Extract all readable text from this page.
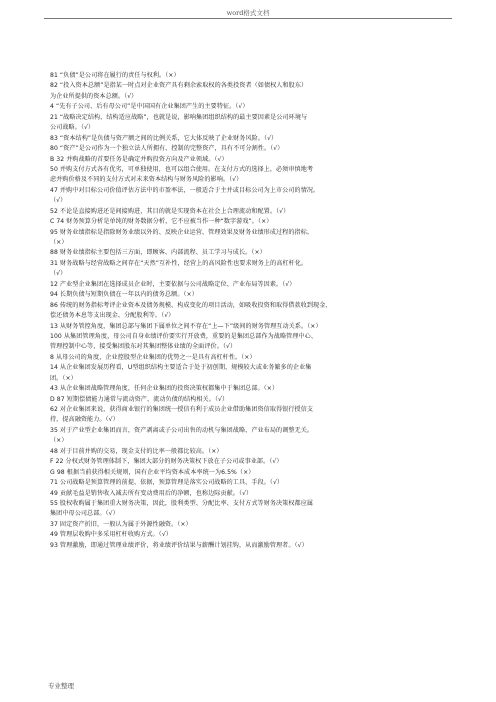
word格式文档
81 “负债”是公司将在履行的责任与权利。（×）
82 “投入资本总额”是指某一时点对企业资产具有剩余索取权的各类投资者（如债权人和股东）
为企业所提供的资本总额。（√）
4 “先有子公司、后有母公司”是中国国有企业集团产生的主要特征。（√）
21 “战略决定结构、结构适应战略”，也就是说，影响集团组织结构的最主要因素是公司环境与
公司战略。（√）
83 “资本结构”是负债与资产额之间的比例关系，它大体反映了企业财务风险。（√）
80 “资产”是公司作为一个独立法人所拥有、控制的完整资产，具有不可分割性。（√）
B 32 并购战略的首要任务是确定并购投资方向及产业领域。（√）
50 并购支付方式各有优劣，可单独使用，也可以组合使用。在支付方式的选择上，必须审慎地考
虑并购价格及不同的支付方式对未来资本结构与财务风险的影响。（√）
47 并购中对目标公司价值评估方法中的市盈率法，一般适合于主并或目标公司为上市公司的情况。
（√）
52 不论是直接购进还是间接购进，其目的就是实现资本在社会上合理流动和配置。（√）
C 74 财务预算分析是单纯的财务数据分析，它不应被当作一种“数字游戏”。（×）
95 财务业绩指标是指除财务业绩以外的、反映企业运营、管理效果及财务业绩形成过程的指标。
（×）
88 财务业绩指标主要包括三方面，即顾客、内部流程、员工学习与成长。（×）
31 财务战略与经营战略之间存在“天然”互补性，经营上的高风险性也要求财务上的高杠杆化。
（√）
12 产业型企业集团在选择成员企业时，主要依据与公司战略定位、产业布局等因素。（√）
94 长期负债与短期负债在一年以内的债务总额。（×）
86 传统的财务指标考评企业资本及债务规模、构成变化的项目活动，如吸收投资和取得借款收到现金、
偿还债务本息等支出现金、分配股利等。（√）
13 从财务管控角度，集团总部与集团下属单位之间不存在“上—下”级间的财务管理互动关系。（×）
100 从集团管理角度，母公司自身业绩评价要实行开放费，重要的是集团总部作为战略管理中心、
管理控制中心等，接受集团股东对其集团整体业绩的全面评价。（√）
8 从母公司的角度，企业控股型企业集团的优势之一是具有高杠杆性。（×）
14 从企业集团发展历程看，U型组织结构主要适合于处于初创期、规模较大或业务繁多的企业集
团。（×）
43 从企业集团战略管理角度，任何企业集团的投资决策权都集中于集团总部。（×）
D 87 短期偿债能力通常与流动资产、流动负债的结构相关。（√）
62 对企业集团来说，获得商业银行的集团统一授信有利于成员企业借助集团资信取得银行授信支
持，提高融资能力。（√）
35 对于产业型企业集团而言，资产剥离或子公司出售的动机与集团战略、产业布局的调整无关。
（×）
48 对于目前并购的交易，现金支付的比率一般都比较高。（×）
F 22 分权式财务管理体制下，集团大部分的财务决策权下放在子公司或事业部。（√）
G 98 根据当前获得相关规则，国有企业平均资本成本率统一为6.5%（×）
71 公司战略是预算管理的前提、依据，预算管理是落实公司战略的工具、手段。（√）
49 贡献毛益是销售收入减去所有变动费用后的净额，也称边际贡献。（√）
55 股权收购属于集团重大财务决策，因此，股利类型、分配比率、支付方式等财务决策权都应属
集团中母公司总部。（√）
37 固定资产折旧，一般认为属于外源性融资。（×）
49 管理层收购中多采用杠杆收购方式。（√）
93 管理激励，即通过管理业绩评价，将业绩评价结果与薪酬计划挂钩，从而激励管理者。（√）
专业整理
